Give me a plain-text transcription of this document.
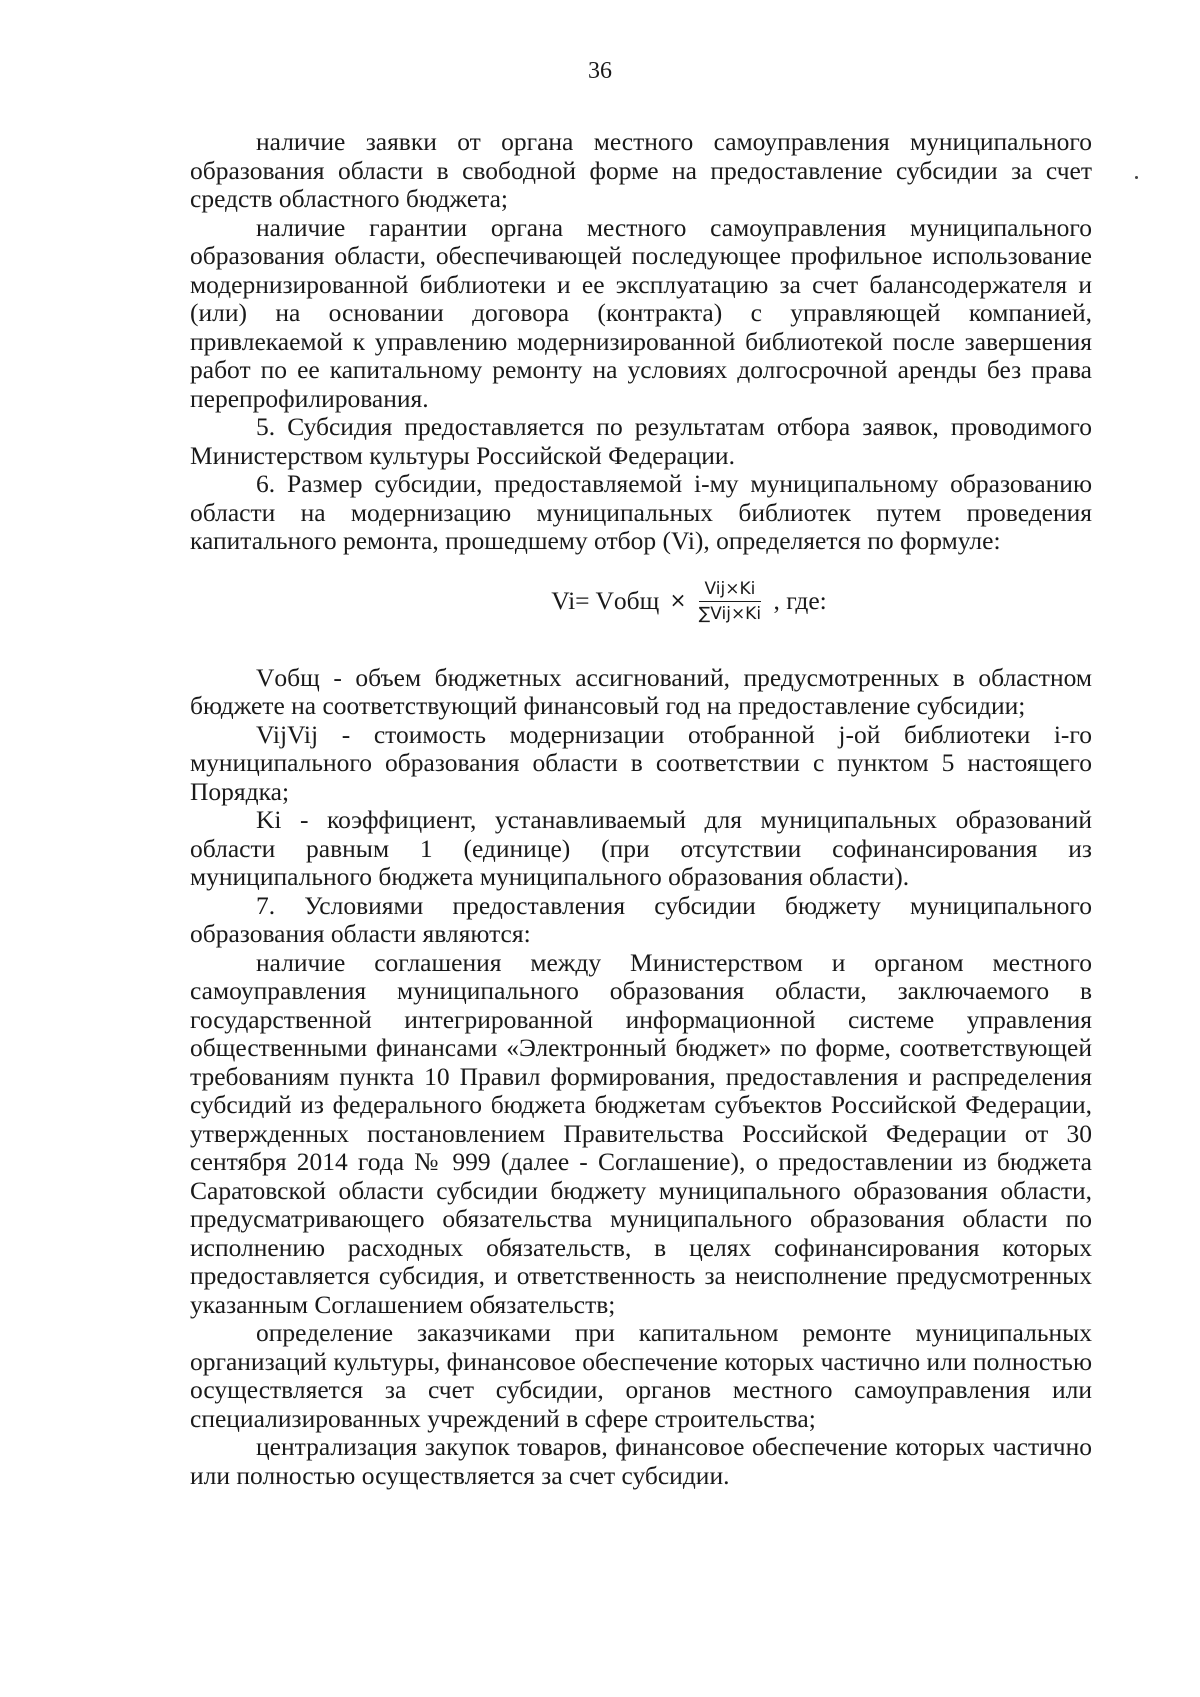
36

наличие заявки от органа местного самоуправления муниципального образования области в свободной форме на предоставление субсидии за счет средств областного бюджета;

наличие гарантии органа местного самоуправления муниципального образования области, обеспечивающей последующее профильное использование модернизированной библиотеки и ее эксплуатацию за счет балансодержателя и (или) на основании договора (контракта) с управляющей компанией, привлекаемой к управлению модернизированной библиотекой после завершения работ по ее капитальному ремонту на условиях долгосрочной аренды без права перепрофилирования.

5. Субсидия предоставляется по результатам отбора заявок, проводимого Министерством культуры Российской Федерации.

6. Размер субсидии, предоставляемой i-му муниципальному образованию области на модернизацию муниципальных библиотек путем проведения капитального ремонта, прошедшему отбор (Vi), определяется по формуле:

Vi= Vобщ × $\frac{\text{Vij×Ki}}{\text{∑Vij×Ki}}$ , где:

Vобщ - объем бюджетных ассигнований, предусмотренных в областном бюджете на соответствующий финансовый год на предоставление субсидии;

VijVij - стоимость модернизации отобранной j-ой библиотеки i-го муниципального образования области в соответствии с пунктом 5 настоящего Порядка;

Ki - коэффициент, устанавливаемый для муниципальных образований области равным 1 (единице) (при отсутствии софинансирования из муниципального бюджета муниципального образования области).

7. Условиями предоставления субсидии бюджету муниципального образования области являются:

наличие соглашения между Министерством и органом местного самоуправления муниципального образования области, заключаемого в государственной интегрированной информационной системе управления общественными финансами «Электронный бюджет» по форме, соответствующей требованиям пункта 10 Правил формирования, предоставления и распределения субсидий из федерального бюджета бюджетам субъектов Российской Федерации, утвержденных постановлением Правительства Российской Федерации от 30 сентября 2014 года № 999 (далее - Соглашение), о предоставлении из бюджета Саратовской области субсидии бюджету муниципального образования области, предусматривающего обязательства муниципального образования области по исполнению расходных обязательств, в целях софинансирования которых предоставляется субсидия, и ответственность за неисполнение предусмотренных указанным Соглашением обязательств;

определение заказчиками при капитальном ремонте муниципальных организаций культуры, финансовое обеспечение которых частично или полностью осуществляется за счет субсидии, органов местного самоуправления или специализированных учреждений в сфере строительства;

централизация закупок товаров, финансовое обеспечение которых частично или полностью осуществляется за счет субсидии.
